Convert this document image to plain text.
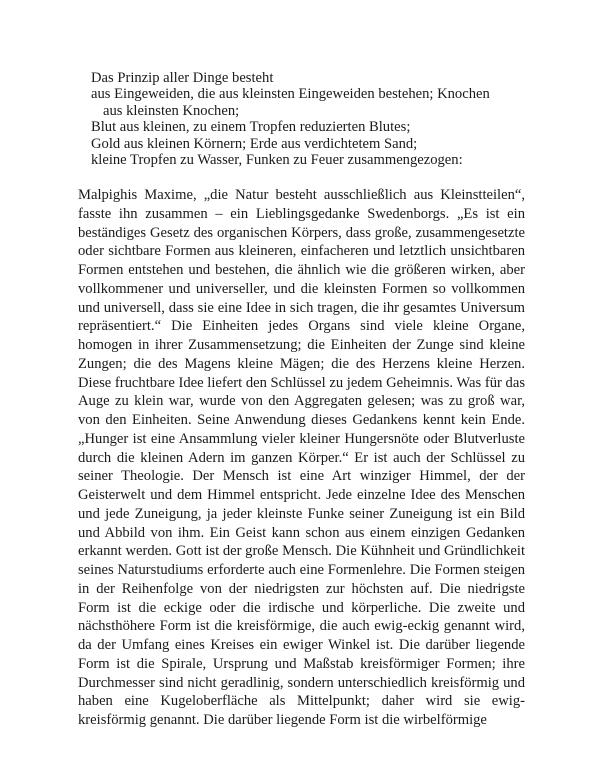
Das Prinzip aller Dinge besteht
aus Eingeweiden, die aus kleinsten Eingeweiden bestehen; Knochen
aus kleinsten Knochen;
Blut aus kleinen, zu einem Tropfen reduzierten Blutes;
Gold aus kleinen Körnern; Erde aus verdichtetem Sand;
kleine Tropfen zu Wasser, Funken zu Feuer zusammengezogen:

Malpighis Maxime, „die Natur besteht ausschließlich aus Kleinstteilen“, fasste ihn zusammen – ein Lieblingsgedanke Swedenborgs. „Es ist ein beständiges Gesetz des organischen Körpers, dass große, zusammengesetzte oder sichtbare Formen aus kleineren, einfacheren und letztlich unsichtbaren Formen entstehen und bestehen, die ähnlich wie die größeren wirken, aber vollkommener und universeller, und die kleinsten Formen so vollkommen und universell, dass sie eine Idee in sich tragen, die ihr gesamtes Universum repräsentiert.“ Die Einheiten jedes Organs sind viele kleine Organe, homogen in ihrer Zusammensetzung; die Einheiten der Zunge sind kleine Zungen; die des Magens kleine Mägen; die des Herzens kleine Herzen. Diese fruchtbare Idee liefert den Schlüssel zu jedem Geheimnis. Was für das Auge zu klein war, wurde von den Aggregaten gelesen; was zu groß war, von den Einheiten. Seine Anwendung dieses Gedankens kennt kein Ende. „Hunger ist eine Ansammlung vieler kleiner Hungersnöte oder Blutverluste durch die kleinen Adern im ganzen Körper.“ Er ist auch der Schlüssel zu seiner Theologie. Der Mensch ist eine Art winziger Himmel, der der Geisterwelt und dem Himmel entspricht. Jede einzelne Idee des Menschen und jede Zuneigung, ja jeder kleinste Funke seiner Zuneigung ist ein Bild und Abbild von ihm. Ein Geist kann schon aus einem einzigen Gedanken erkannt werden. Gott ist der große Mensch. Die Kühnheit und Gründlichkeit seines Naturstudiums erforderte auch eine Formenlehre. Die Formen steigen in der Reihenfolge von der niedrigsten zur höchsten auf. Die niedrigste Form ist die eckige oder die irdische und körperliche. Die zweite und nächsthöhere Form ist die kreisförmige, die auch ewig-eckig genannt wird, da der Umfang eines Kreises ein ewiger Winkel ist. Die darüber liegende Form ist die Spirale, Ursprung und Maßstab kreisförmiger Formen; ihre Durchmesser sind nicht geradlinig, sondern unterschiedlich kreisförmig und haben eine Kugeloberfläche als Mittelpunkt; daher wird sie ewig-kreisförmig genannt. Die darüber liegende Form ist die wirbelförmige
